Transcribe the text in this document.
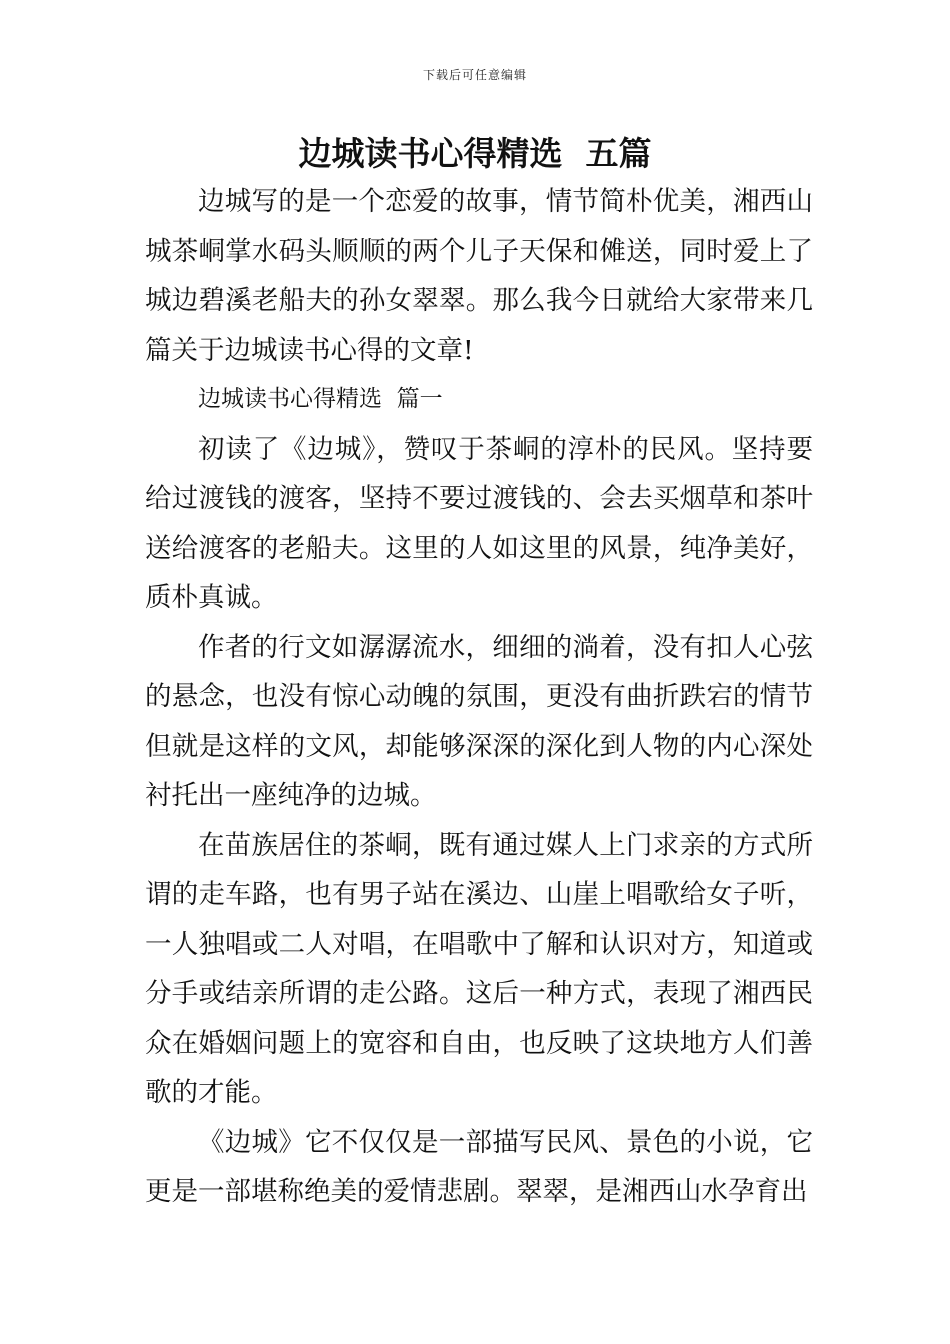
下载后可任意编辑
边城读书心得精选  五篇

边城写的是一个恋爱的故事，情节简朴优美，湘西山城茶峒掌水码头顺顺的两个儿子天保和傩送，同时爱上了城边碧溪老船夫的孙女翠翠。那么我今日就给大家带来几篇关于边城读书心得的文章!

边城读书心得精选  篇一

初读了《边城》，赞叹于茶峒的淳朴的民风。坚持要给过渡钱的渡客，坚持不要过渡钱的、会去买烟草和茶叶送给渡客的老船夫。这里的人如这里的风景，纯净美好，质朴真诚。

作者的行文如潺潺流水，细细的淌着，没有扣人心弦的悬念，也没有惊心动魄的氛围，更没有曲折跌宕的情节但就是这样的文风，却能够深深的深化到人物的内心深处衬托出一座纯净的边城。

在苗族居住的茶峒，既有通过媒人上门求亲的方式所谓的走车路，也有男子站在溪边、山崖上唱歌给女子听，一人独唱或二人对唱，在唱歌中了解和认识对方，知道或分手或结亲所谓的走公路。这后一种方式，表现了湘西民众在婚姻问题上的宽容和自由，也反映了这块地方人们善歌的才能。

《边城》它不仅仅是一部描写民风、景色的小说，它更是一部堪称绝美的爱情悲剧。翠翠，是湘西山水孕育出
